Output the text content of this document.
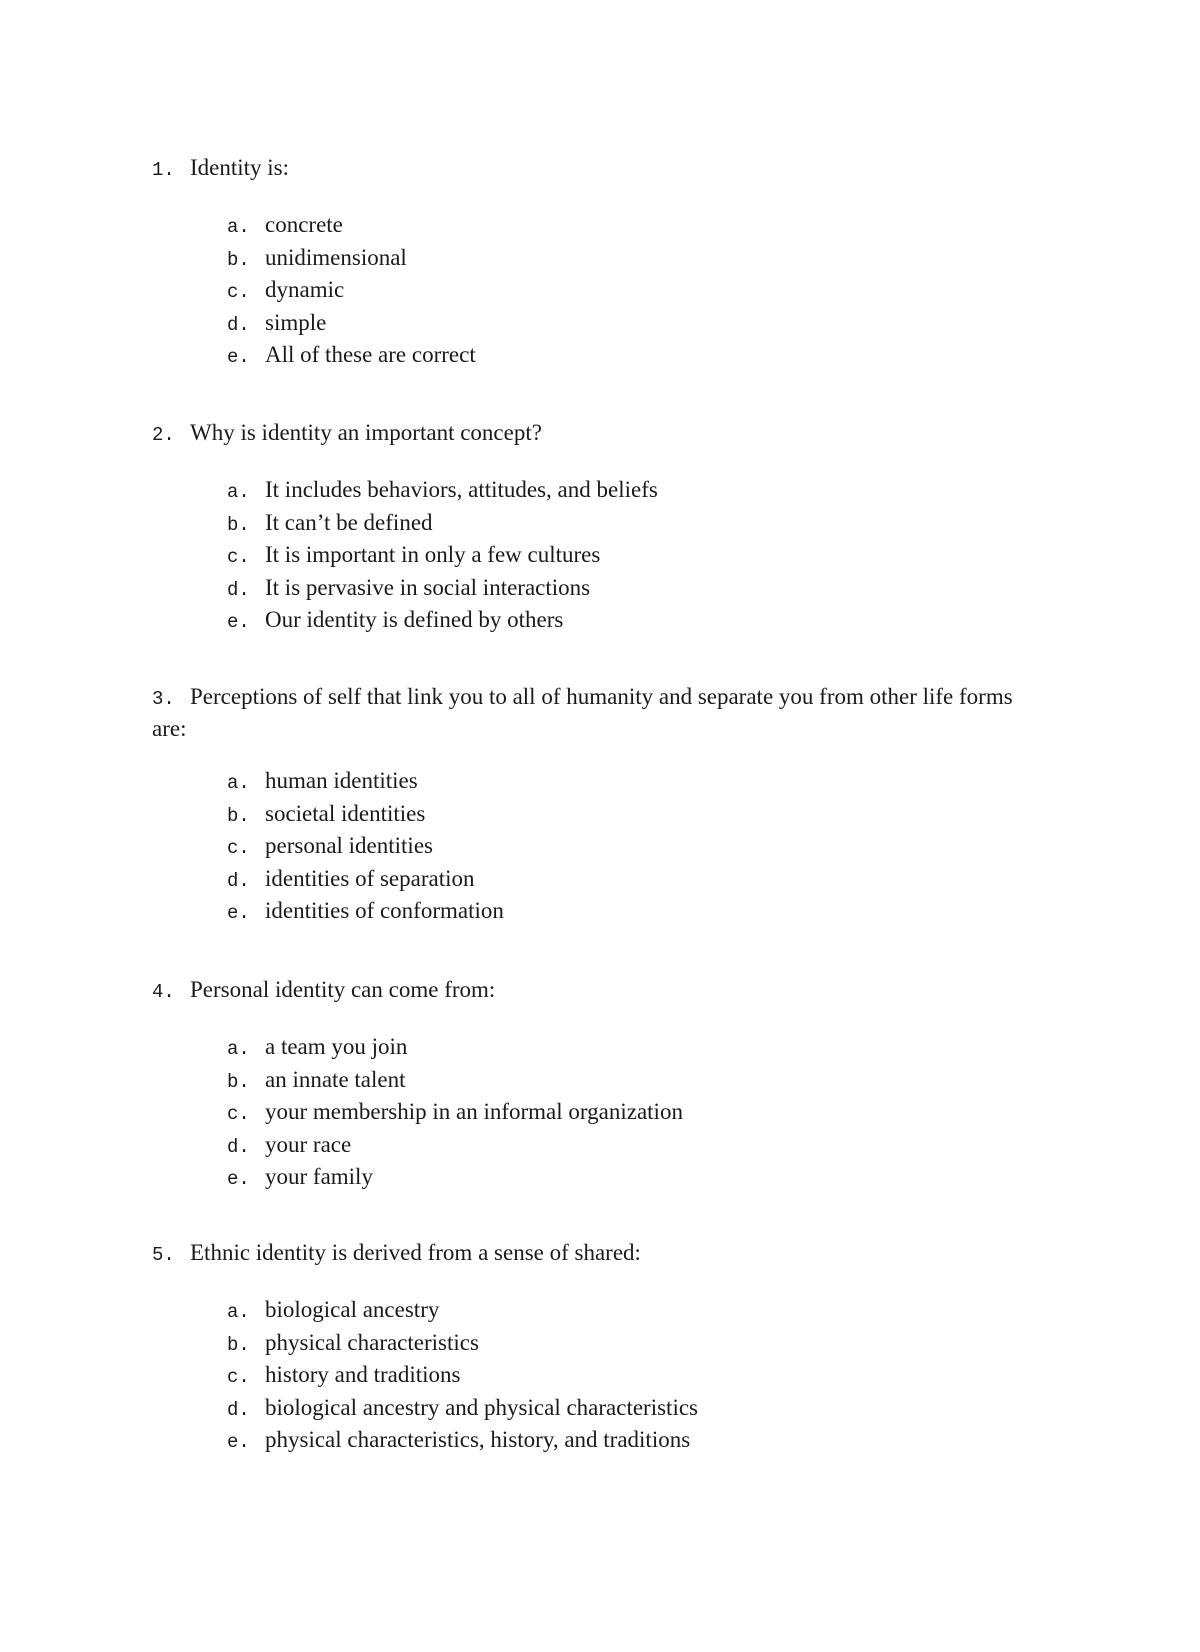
1. Identity is:

a. concrete
b. unidimensional
c. dynamic
d. simple
e. All of these are correct

2. Why is identity an important concept?

a. It includes behaviors, attitudes, and beliefs
b. It can’t be defined
c. It is important in only a few cultures
d. It is pervasive in social interactions
e. Our identity is defined by others

3. Perceptions of self that link you to all of humanity and separate you from other life forms are:

a. human identities
b. societal identities
c. personal identities
d. identities of separation
e. identities of conformation

4. Personal identity can come from:

a. a team you join
b. an innate talent
c. your membership in an informal organization
d. your race
e. your family

5. Ethnic identity is derived from a sense of shared:

a. biological ancestry
b. physical characteristics
c. history and traditions
d. biological ancestry and physical characteristics
e. physical characteristics, history, and traditions
